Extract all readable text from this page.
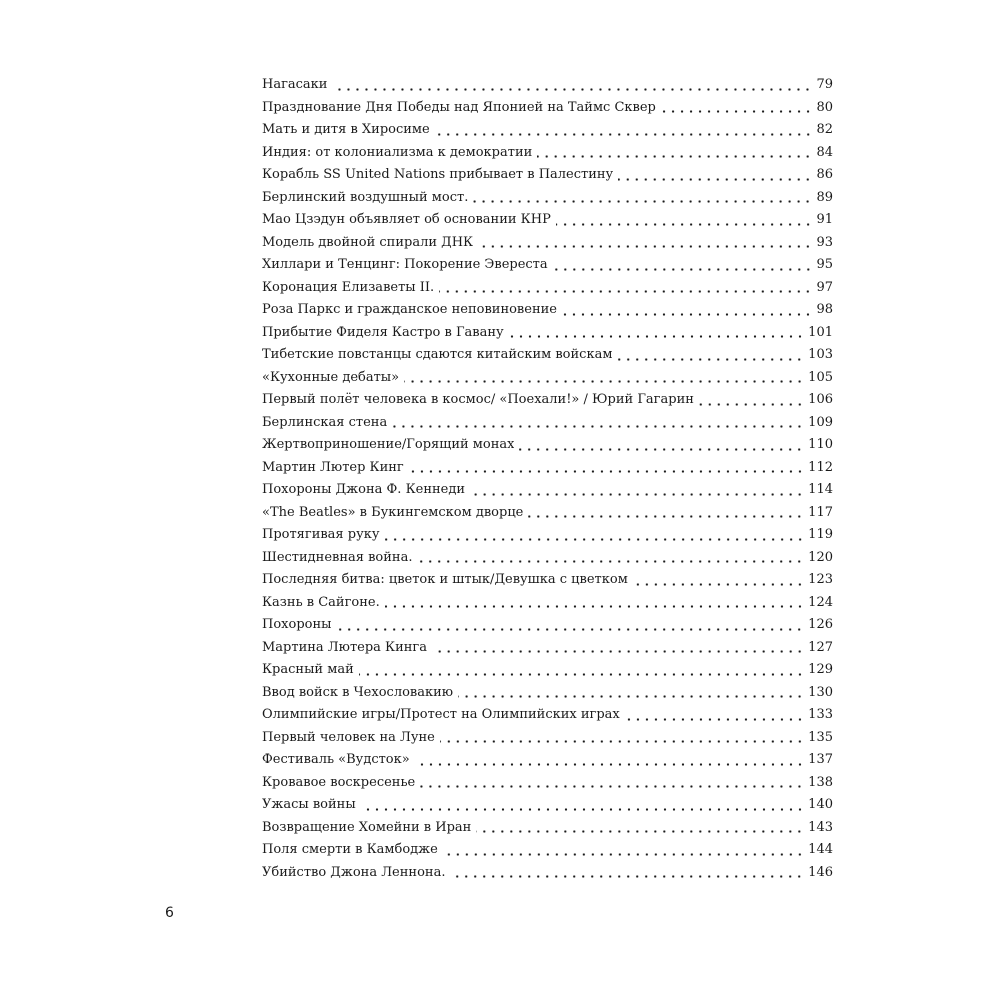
Нагасаки	79
Празднование Дня Победы над Японией на Таймс Сквер	80
Мать и дитя в Хиросиме	82
Индия: от колониализма к демократии	84
Корабль SS United Nations прибывает в Палестину	86
Берлинский воздушный мост.	89
Мао Цзэдун объявляет об основании КНР	91
Модель двойной спирали ДНК	93
Хиллари и Тенцинг: Покорение Эвереста	95
Коронация Елизаветы II.	97
Роза Паркс и гражданское неповиновение	98
Прибытие Фиделя Кастро в Гавану	101
Тибетские повстанцы сдаются китайским войскам	103
«Кухонные дебаты»	105
Первый полёт человека в космос/ «Поехали!» / Юрий Гагарин	106
Берлинская стена	109
Жертвоприношение/Горящий монах	110
Мартин Лютер Кинг	112
Похороны Джона Ф. Кеннеди	114
«The Beatles» в Букингемском дворце	117
Протягивая руку	119
Шестидневная война.	120
Последняя битва: цветок и штык/Девушка с цветком	123
Казнь в Сайгоне.	124
Похороны	126
Мартина Лютера Кинга	127
Красный май	129
Ввод войск в Чехословакию	130
Олимпийские игры/Протест на Олимпийских играх	133
Первый человек на Луне	135
Фестиваль «Вудсток»	137
Кровавое воскресенье	138
Ужасы войны	140
Возвращение Хомейни в Иран	143
Поля смерти в Камбодже	144
Убийство Джона Леннона.	146
6
